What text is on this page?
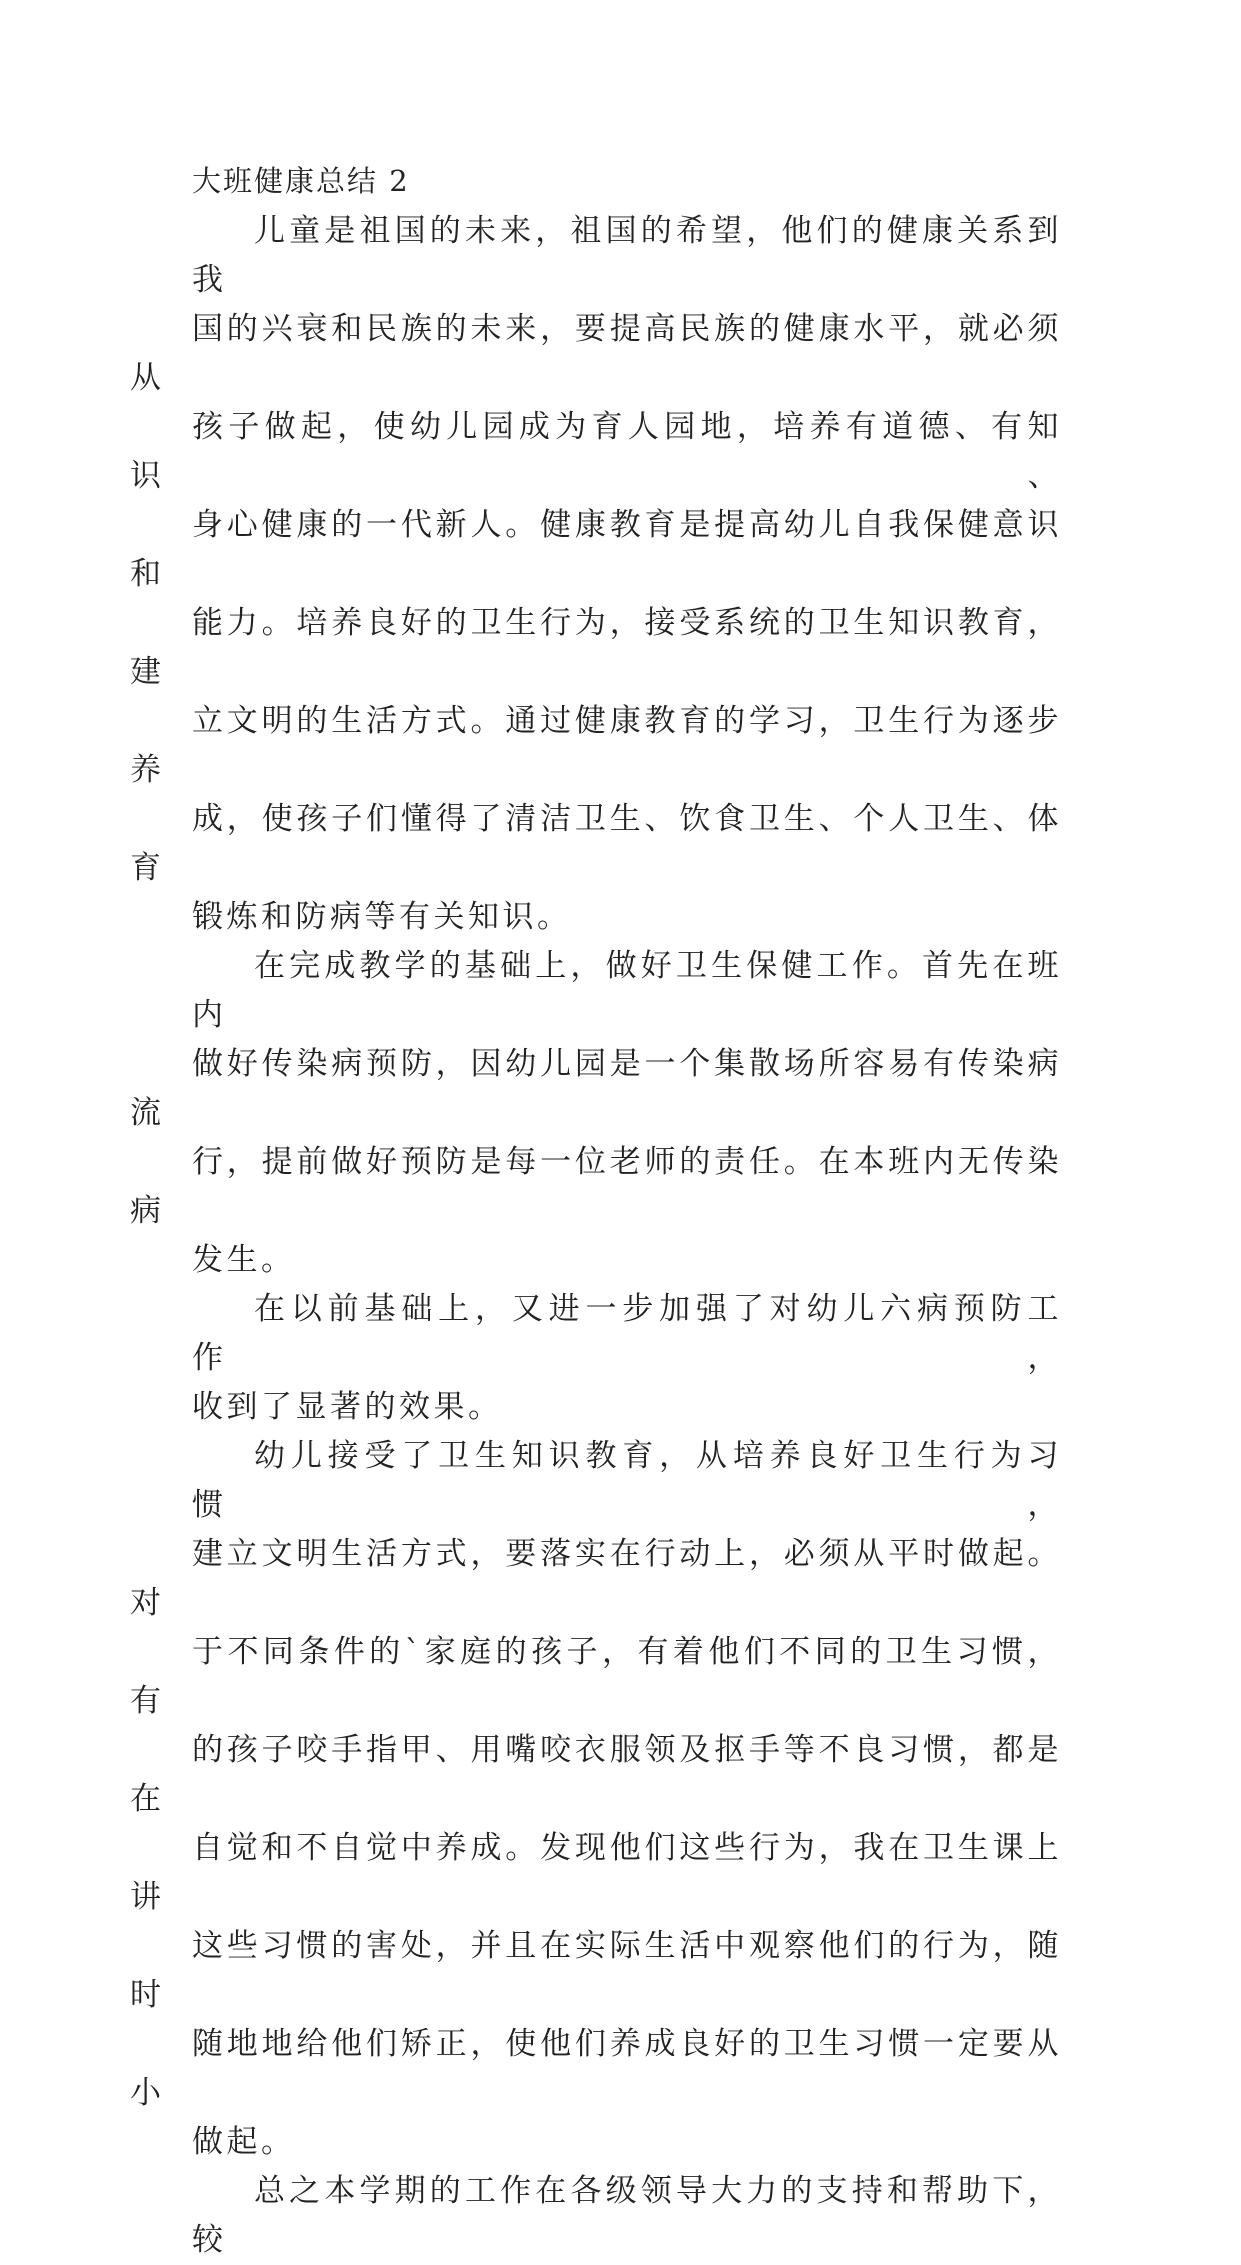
大班健康总结 2

儿童是祖国的未来，祖国的希望，他们的健康关系到我
国的兴衰和民族的未来，要提高民族的健康水平，就必须从
孩子做起，使幼儿园成为育人园地，培养有道德、有知识、
身心健康的一代新人。健康教育是提高幼儿自我保健意识和
能力。培养良好的卫生行为，接受系统的卫生知识教育，建
立文明的生活方式。通过健康教育的学习，卫生行为逐步养
成，使孩子们懂得了清洁卫生、饮食卫生、个人卫生、体育
锻炼和防病等有关知识。

在完成教学的基础上，做好卫生保健工作。首先在班内
做好传染病预防，因幼儿园是一个集散场所容易有传染病流
行，提前做好预防是每一位老师的责任。在本班内无传染病
发生。

在以前基础上，又进一步加强了对幼儿六病预防工作，
收到了显著的效果。

幼儿接受了卫生知识教育，从培养良好卫生行为习惯，
建立文明生活方式，要落实在行动上，必须从平时做起。对
于不同条件的`家庭的孩子，有着他们不同的卫生习惯，有
的孩子咬手指甲、用嘴咬衣服领及抠手等不良习惯，都是在
自觉和不自觉中养成。发现他们这些行为，我在卫生课上讲
这些习惯的害处，并且在实际生活中观察他们的行为，随时
随地地给他们矫正，使他们养成良好的卫生习惯一定要从小
做起。

总之本学期的工作在各级领导大力的支持和帮助下，较
